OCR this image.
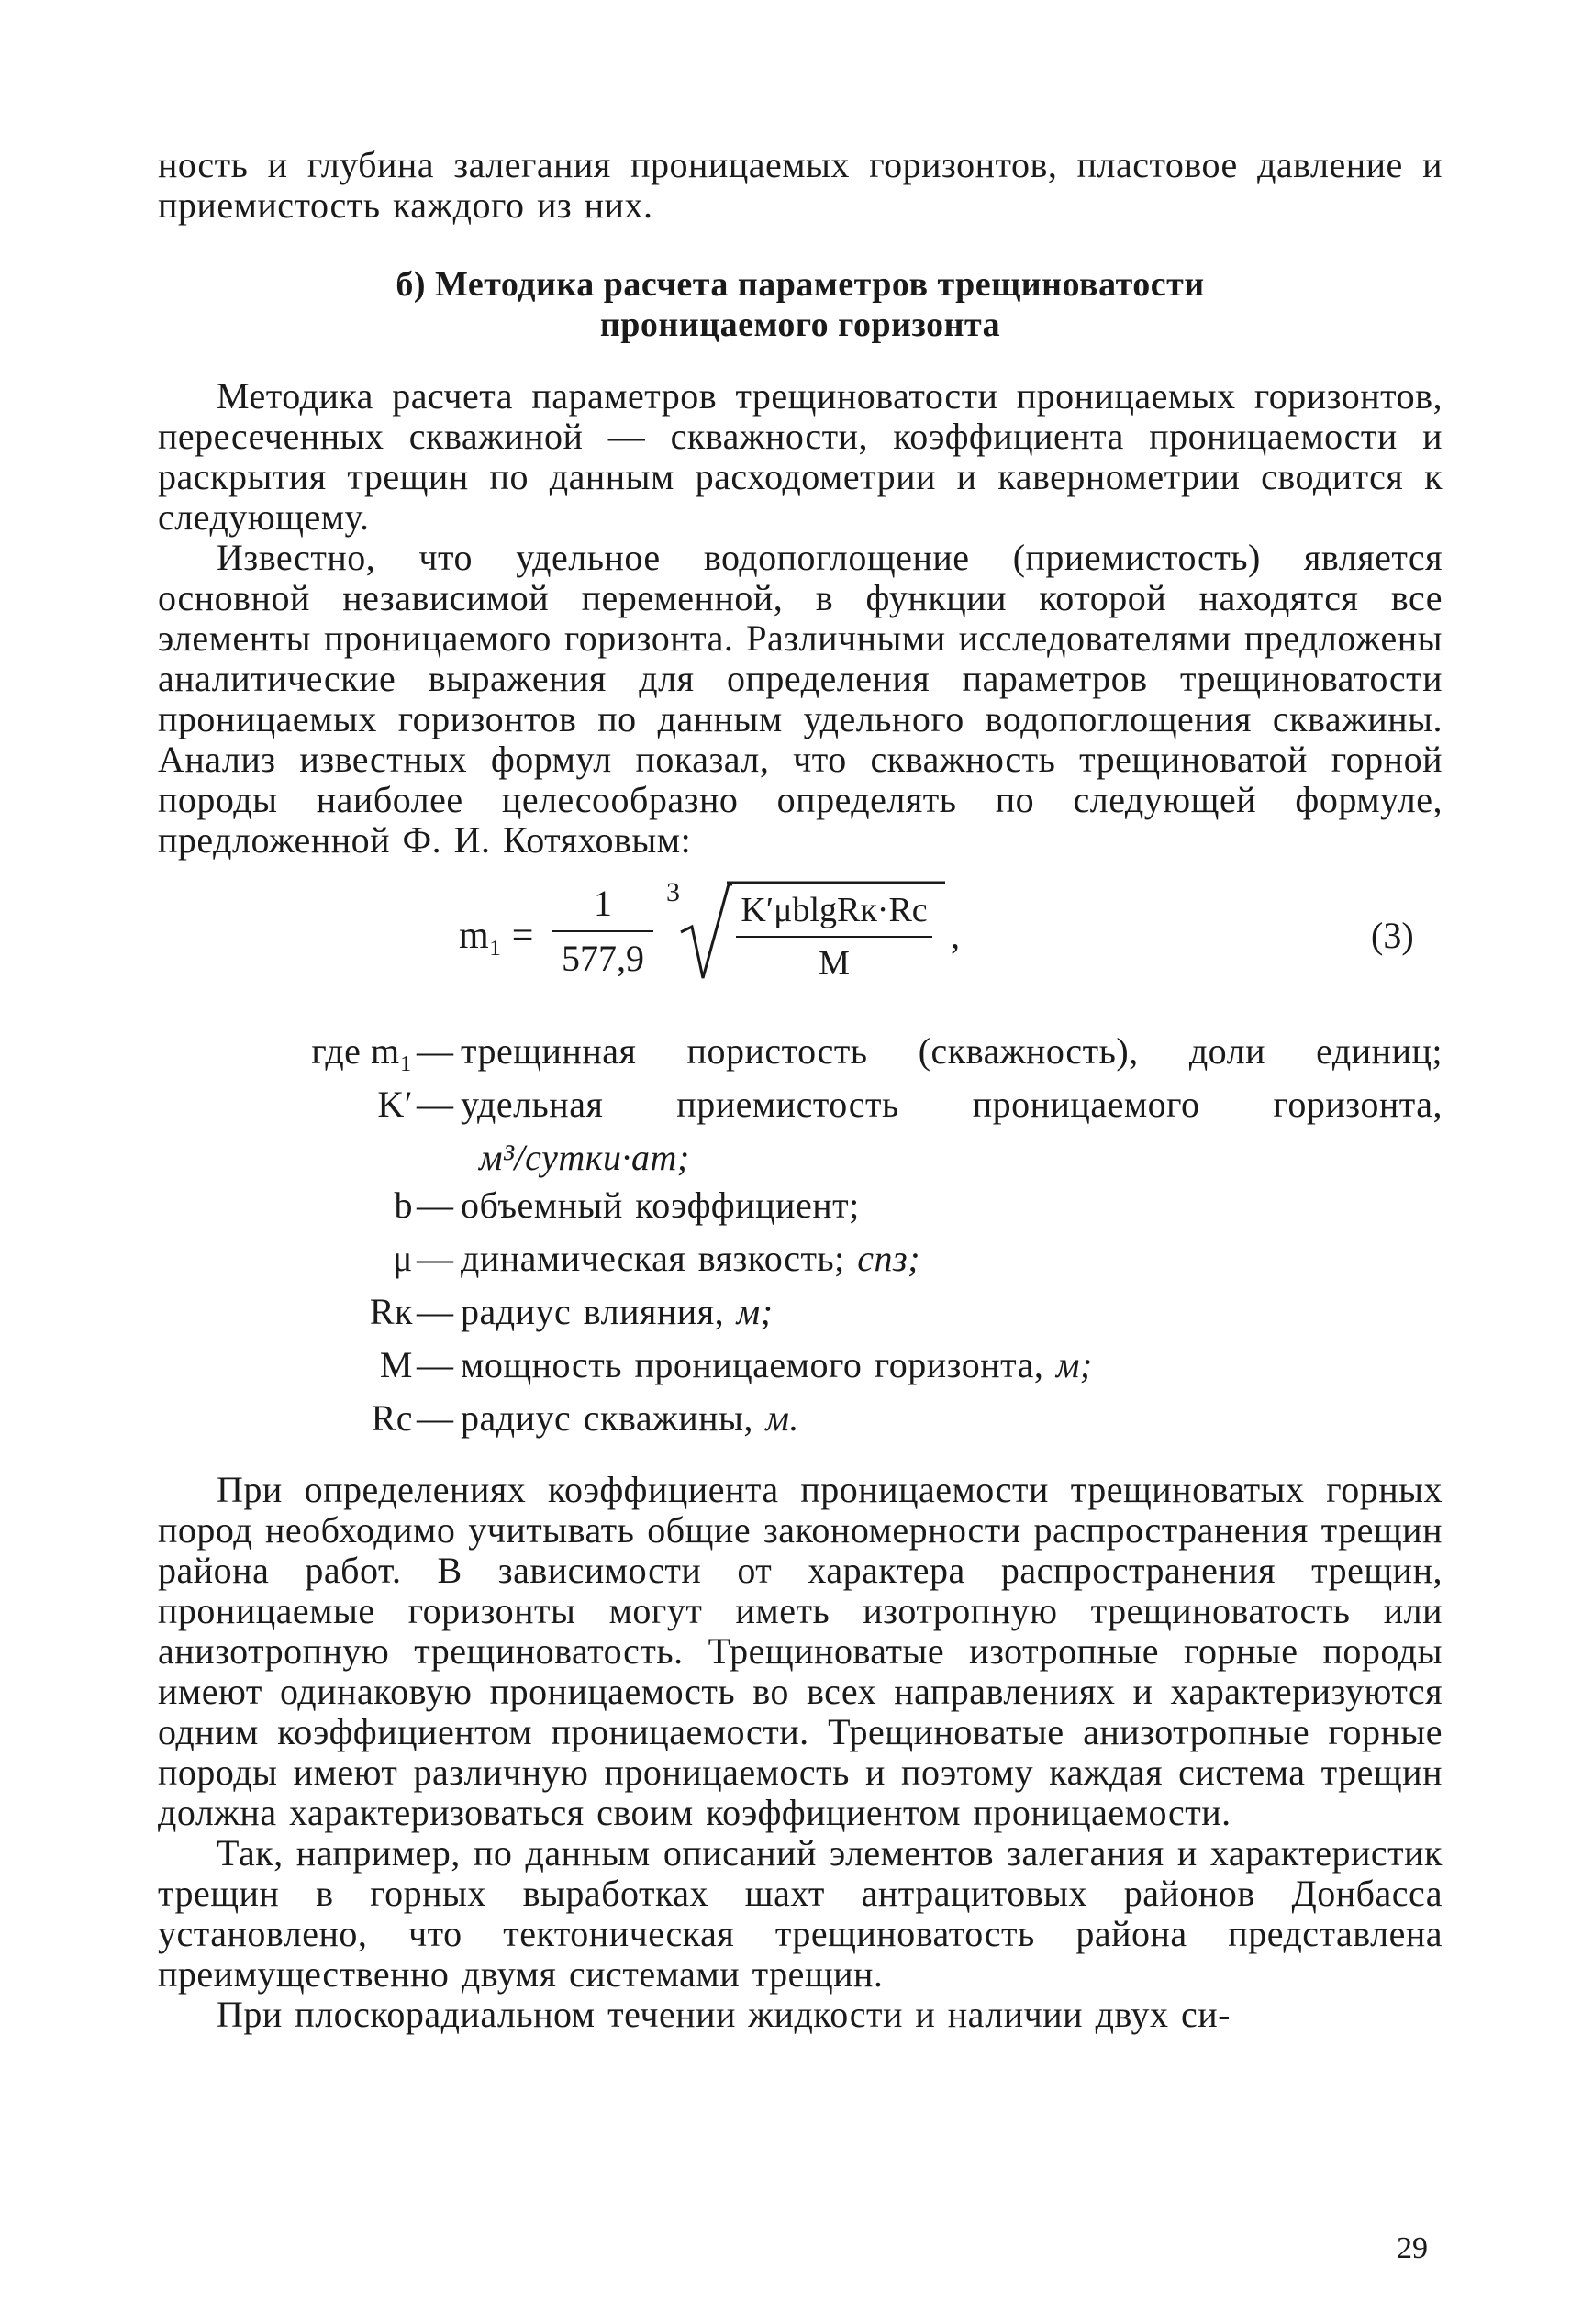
ность и глубина залегания проницаемых горизонтов, пластовое давление и приемистость каждого из них.

б) Методика расчета параметров трещиноватости
проницаемого горизонта

Методика расчета параметров трещиноватости проницаемых горизонтов, пересеченных скважиной — скважности, коэффициента проницаемости и раскрытия трещин по данным расходометрии и кавернометрии сводится к следующему.

Известно, что удельное водопоглощение (приемистость) является основной независимой переменной, в функции которой находятся все элементы проницаемого горизонта. Различными исследователями предложены аналитические выражения для определения параметров трещиноватости проницаемых горизонтов по данным удельного водопоглощения скважины. Анализ известных формул показал, что скважность трещиноватой горной породы наиболее целесообразно определять по следующей формуле, предложенной Ф. И. Котяховым:

m₁ =
1
577,9
3	K′μblgRк·Rc
M
,	(3)
где m₁ — трещинная пористость (скважность), доли единиц;
K′ — удельная приемистость проницаемого горизонта,
м³/сутки·ат;
b — объемный коэффициент;
μ — динамическая вязкость; спз;
Rк — радиус влияния, м;
M — мощность проницаемого горизонта, м;
Rc — радиус скважины, м.

При определениях коэффициента проницаемости трещиноватых горных пород необходимо учитывать общие закономерности распространения трещин района работ. В зависимости от характера распространения трещин, проницаемые горизонты могут иметь изотропную трещиноватость или анизотропную трещиноватость. Трещиноватые изотропные горные породы имеют одинаковую проницаемость во всех направлениях и характеризуются одним коэффициентом проницаемости. Трещиноватые анизотропные горные породы имеют различную проницаемость и поэтому каждая система трещин должна характеризоваться своим коэффициентом проницаемости.

Так, например, по данным описаний элементов залегания и характеристик трещин в горных выработках шахт антрацитовых районов Донбасса установлено, что тектоническая трещиноватость района представлена преимущественно двумя системами трещин.

При плоскорадиальном течении жидкости и наличии двух си-

29
